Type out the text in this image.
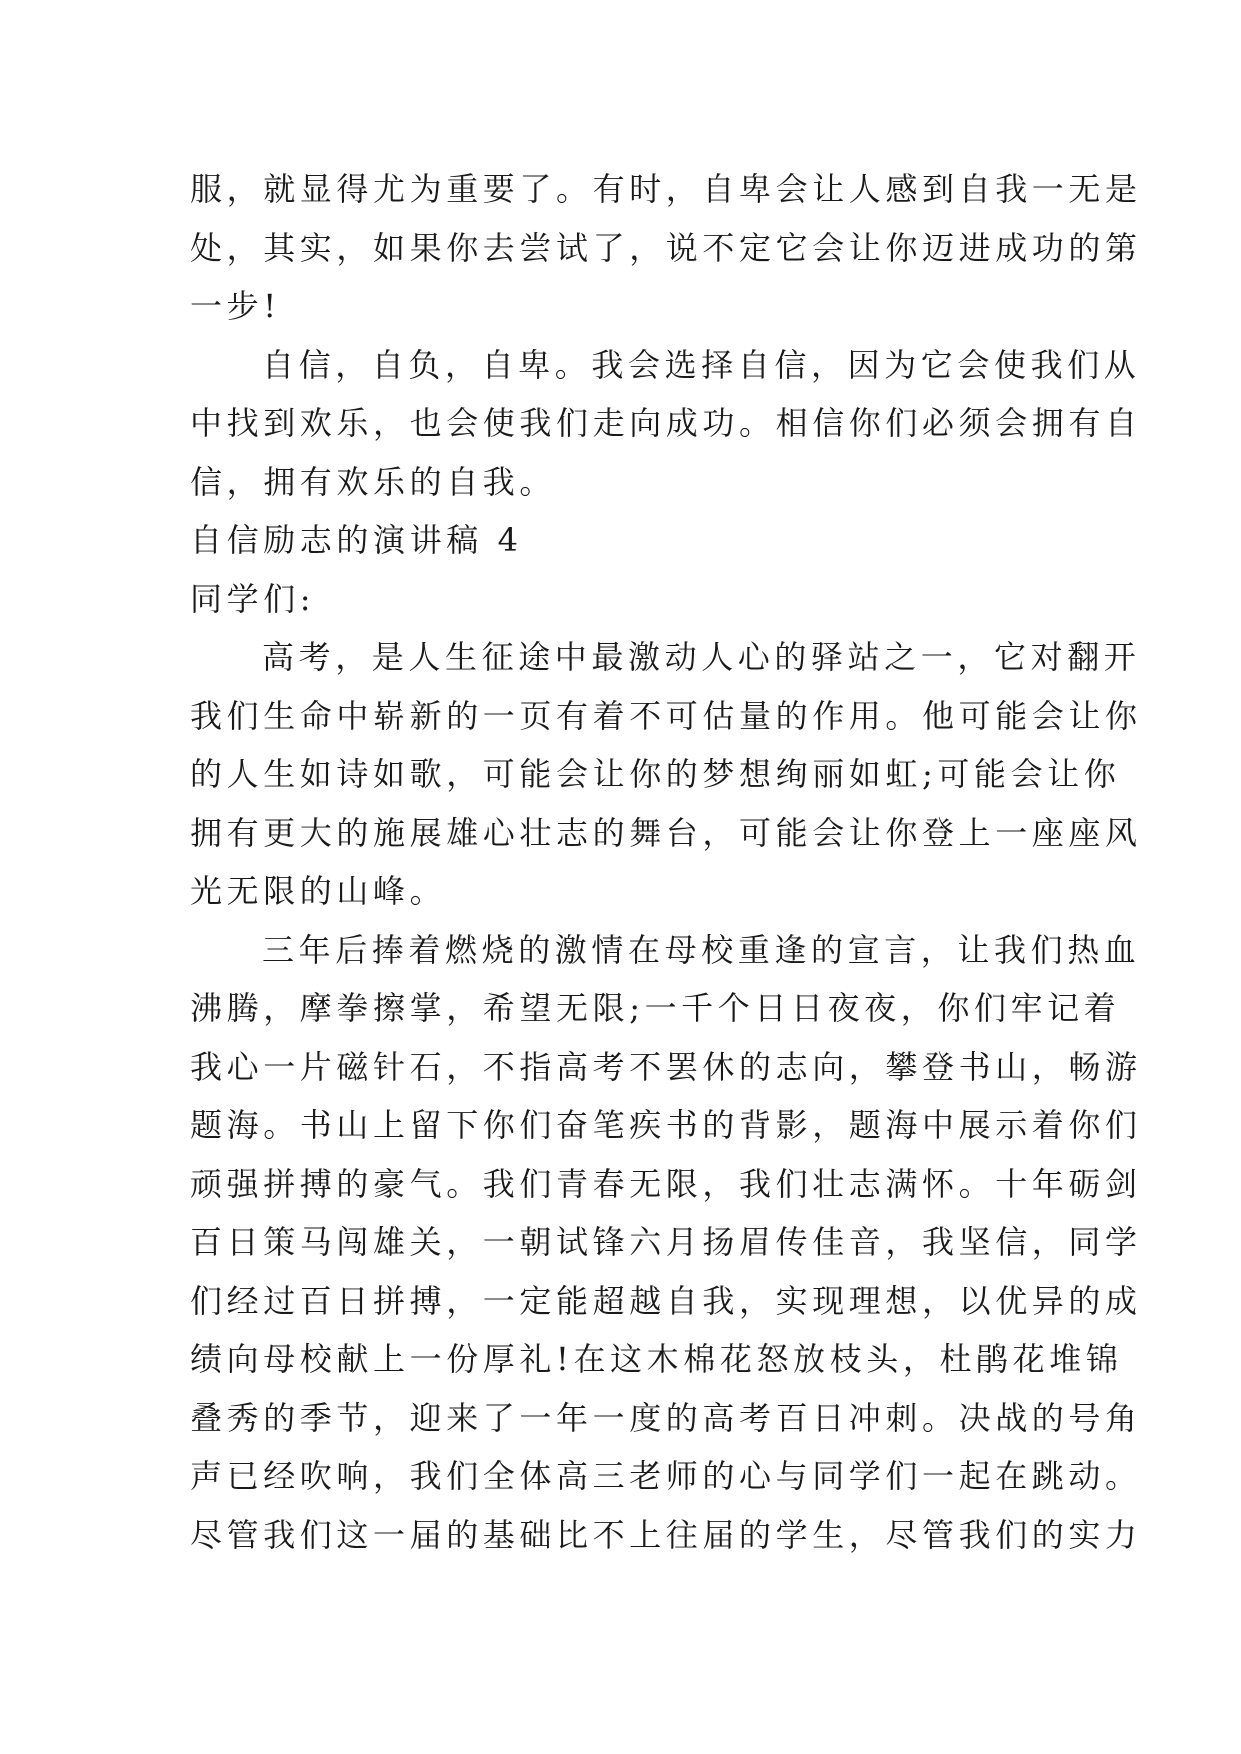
服，就显得尤为重要了。有时，自卑会让人感到自我一无是
处，其实，如果你去尝试了，说不定它会让你迈进成功的第
一步!
自信，自负，自卑。我会选择自信，因为它会使我们从
中找到欢乐，也会使我们走向成功。相信你们必须会拥有自
信，拥有欢乐的自我。
自信励志的演讲稿 4
同学们:
高考，是人生征途中最激动人心的驿站之一，它对翻开
我们生命中崭新的一页有着不可估量的作用。他可能会让你
的人生如诗如歌，可能会让你的梦想绚丽如虹;可能会让你
拥有更大的施展雄心壮志的舞台，可能会让你登上一座座风
光无限的山峰。
三年后捧着燃烧的激情在母校重逢的宣言，让我们热血
沸腾，摩拳擦掌，希望无限;一千个日日夜夜，你们牢记着
我心一片磁针石，不指高考不罢休的志向，攀登书山，畅游
题海。书山上留下你们奋笔疾书的背影，题海中展示着你们
顽强拼搏的豪气。我们青春无限，我们壮志满怀。十年砺剑
百日策马闯雄关，一朝试锋六月扬眉传佳音，我坚信，同学
们经过百日拼搏，一定能超越自我，实现理想，以优异的成
绩向母校献上一份厚礼!在这木棉花怒放枝头，杜鹃花堆锦
叠秀的季节，迎来了一年一度的高考百日冲刺。决战的号角
声已经吹响，我们全体高三老师的心与同学们一起在跳动。
尽管我们这一届的基础比不上往届的学生，尽管我们的实力
